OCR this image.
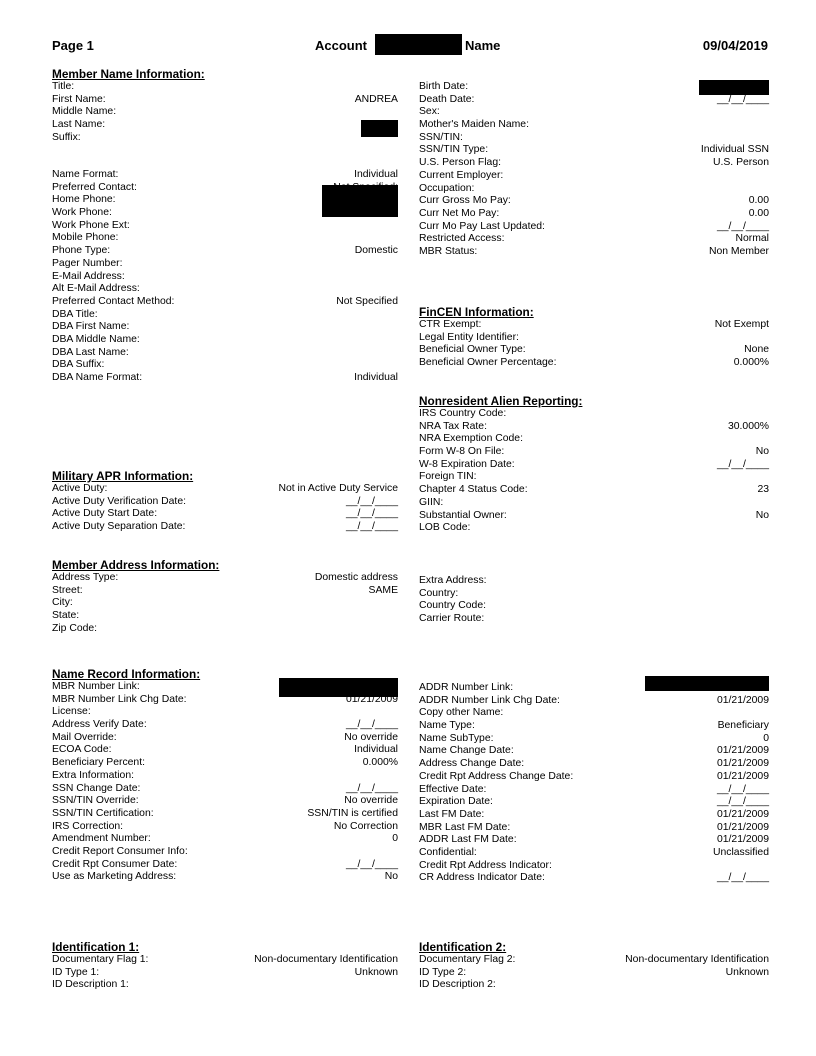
Page 1	Account	Name	09/04/2019
Member Name Information:
Title:
First Name:	ANDREA
Middle Name:
Last Name:
Suffix:
Name Format:	Individual
Preferred Contact:	Not Specified:
Home Phone:
Work Phone:
Work Phone Ext:
Mobile Phone:
Phone Type:	Domestic
Pager Number:
E-Mail Address:
Alt E-Mail Address:
Preferred Contact Method:	Not Specified
DBA Title:
DBA First Name:
DBA Middle Name:
DBA Last Name:
DBA Suffix:
DBA Name Format:	Individual
Military APR Information:
Active Duty:	Not in Active Duty Service
Active Duty Verification Date:	__/__/____
Active Duty Start Date:	__/__/____
Active Duty Separation Date:	__/__/____
Member Address Information:
Address Type:	Domestic address
Street:	SAME
City:
State:
Zip Code:
Name Record Information:
MBR Number Link:
MBR Number Link Chg Date:	01/21/2009
License:
Address Verify Date:	__/__/____
Mail Override:	No override
ECOA Code:	Individual
Beneficiary Percent:	0.000%
Extra Information:
SSN Change Date:	__/__/____
SSN/TIN Override:	No override
SSN/TIN Certification:	SSN/TIN is certified
IRS Correction:	No Correction
Amendment Number:	0
Credit Report Consumer Info:
Credit Rpt Consumer Date:	__/__/____
Use as Marketing Address:	No
Identification 1:
Documentary Flag 1:	Non-documentary Identification
ID Type 1:	Unknown
ID Description 1:
Birth Date:
Death Date:	__/__/____
Sex:
Mother's Maiden Name:
SSN/TIN:
SSN/TIN Type:	Individual SSN
U.S. Person Flag:	U.S. Person
Current Employer:
Occupation:
Curr Gross Mo Pay:	0.00
Curr Net Mo Pay:	0.00
Curr Mo Pay Last Updated:	__/__/____
Restricted Access:	Normal
MBR Status:	Non Member
FinCEN Information:
CTR Exempt:	Not Exempt
Legal Entity Identifier:
Beneficial Owner Type:	None
Beneficial Owner Percentage:	0.000%
Nonresident Alien Reporting:
IRS Country Code:
NRA Tax Rate:	30.000%
NRA Exemption Code:
Form W-8 On File:	No
W-8 Expiration Date:	__/__/____
Foreign TIN:
Chapter 4 Status Code:	23
GIIN:
Substantial Owner:	No
LOB Code:
Extra Address:
Country:
Country Code:
Carrier Route:
ADDR Number Link:
ADDR Number Link Chg Date:	01/21/2009
Copy other Name:
Name Type:	Beneficiary
Name SubType:	0
Name Change Date:	01/21/2009
Address Change Date:	01/21/2009
Credit Rpt Address Change Date:	01/21/2009
Effective Date:	__/__/____
Expiration Date:	__/__/____
Last FM Date:	01/21/2009
MBR Last FM Date:	01/21/2009
ADDR Last FM Date:	01/21/2009
Confidential:	Unclassified
Credit Rpt Address Indicator:
CR Address Indicator Date:	__/__/____
Identification 2:
Documentary Flag 2:	Non-documentary Identification
ID Type 2:	Unknown
ID Description 2:
